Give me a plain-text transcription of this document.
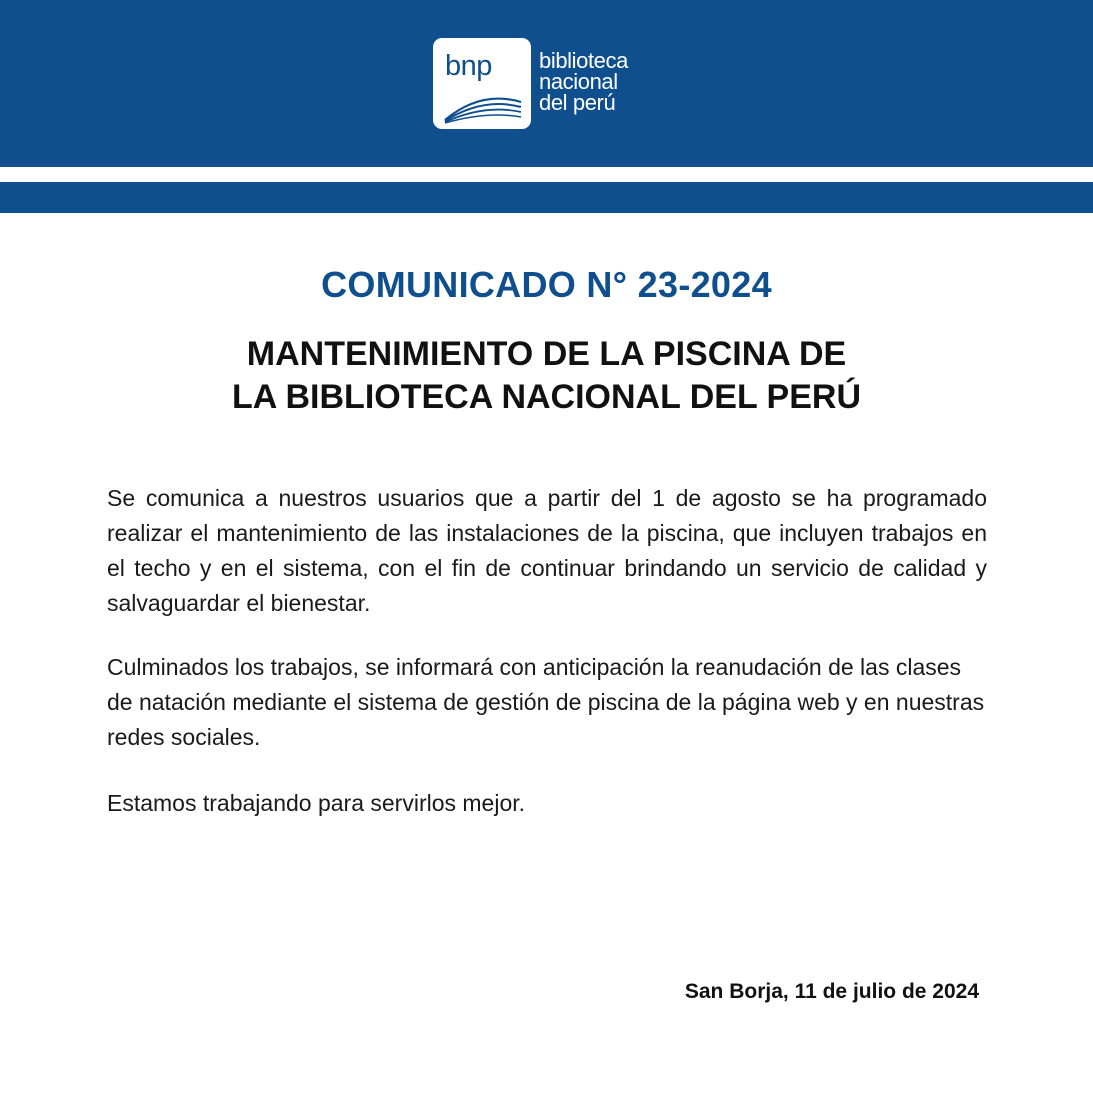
bnp biblioteca
nacional
del perú
COMUNICADO N° 23-2024
MANTENIMIENTO DE LA PISCINA DE
LA BIBLIOTECA NACIONAL DEL PERÚ

Se comunica a nuestros usuarios que a partir del 1 de agosto se ha programado realizar el mantenimiento de las instalaciones de la piscina, que incluyen trabajos en el techo y en el sistema, con el fin de continuar brindando un servicio de calidad y salvaguardar el bienestar.

Culminados los trabajos, se informará con anticipación la reanudación de las clases de natación mediante el sistema de gestión de piscina de la página web y en nuestras redes sociales.

Estamos trabajando para servirlos mejor.

San Borja, 11 de julio de 2024
